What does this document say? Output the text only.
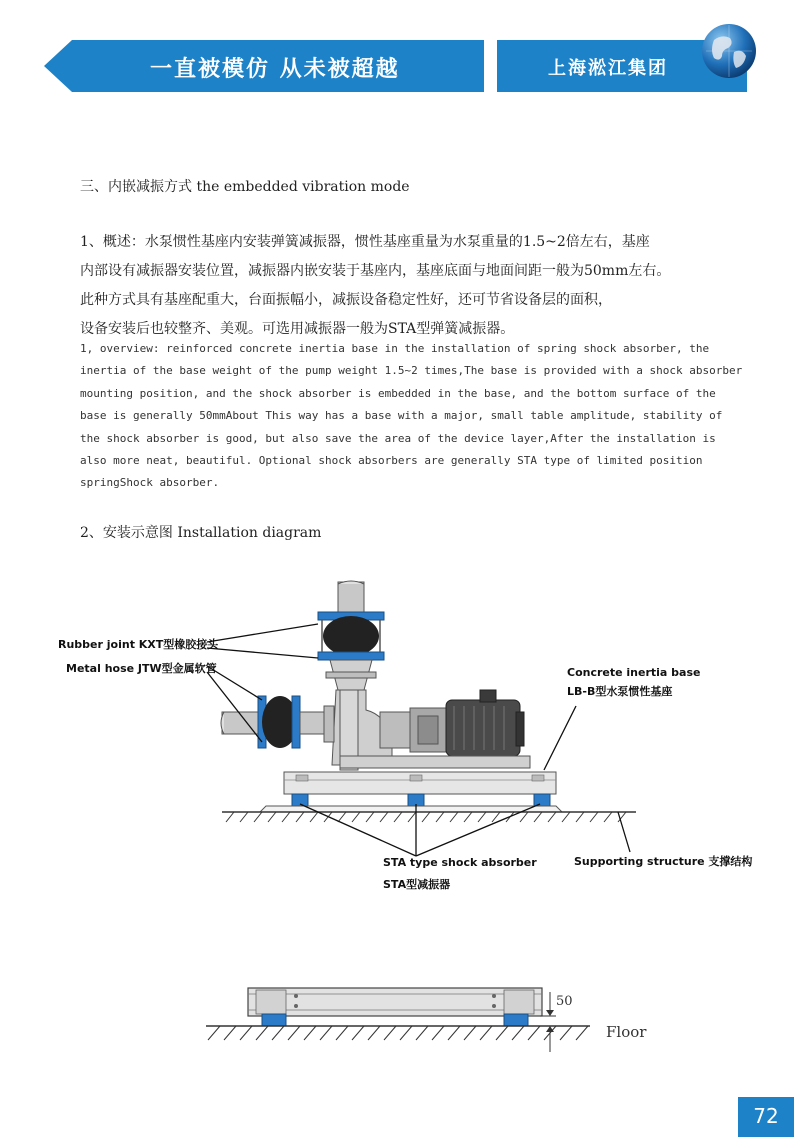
一直被模仿 从未被超越	上海淞江集团
三、内嵌减振方式 the embedded vibration mode
1、概述：水泵惯性基座内安装弹簧减振器，惯性基座重量为水泵重量的1.5~2倍左右，基座
内部设有减振器安装位置，减振器内嵌安装于基座内，基座底面与地面间距一般为50mm左右。
此种方式具有基座配重大，台面振幅小，减振设备稳定性好，还可节省设备层的面积，
设备安装后也较整齐、美观。可选用减振器一般为STA型弹簧减振器。
1, overview: reinforced concrete inertia base in the installation of spring shock absorber, the
inertia of the base weight of the pump weight 1.5~2 times,The base is provided with a shock absorber
mounting position, and the shock absorber is embedded in the base, and the bottom surface of the
base is generally 50mmAbout This way has a base with a major, small table amplitude, stability of
the shock absorber is good, but also save the area of the device layer,After the installation is
also more neat, beautiful. Optional shock absorbers are generally STA type of limited position
springShock absorber.
2、安装示意图 Installation diagram
Rubber joint KXT型橡胶接头
Metal hose JTW型金属软管	Concrete inertia base
LB-B型水泵惯性基座
STA type shock absorber
STA型减振器
Supporting structure 支撑结构
50
Floor
72
